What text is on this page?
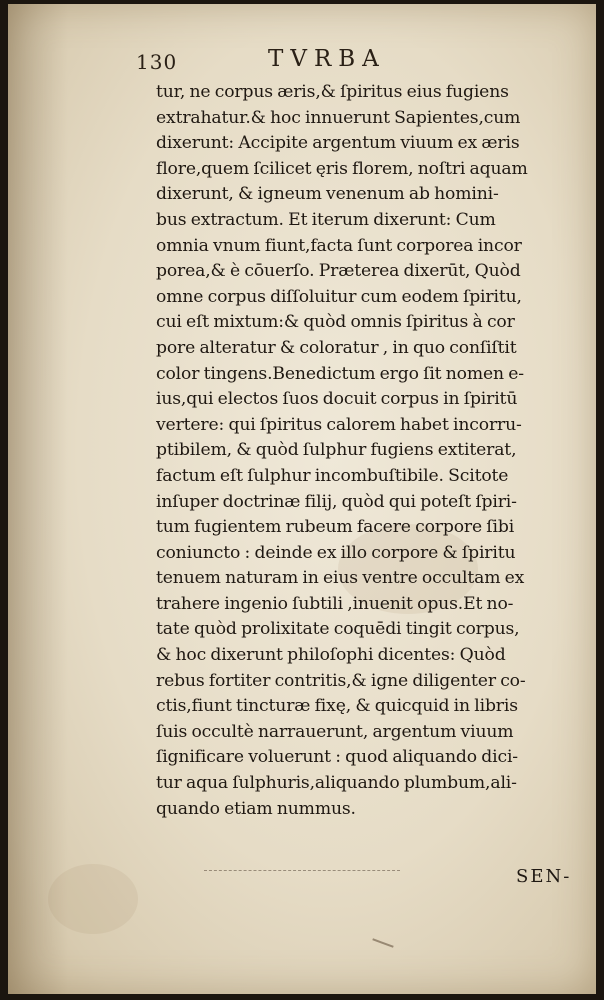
130	TVRBA
tur, ne corpus æris,& ſpiritus eius fugiens
extrahatur.& hoc innuerunt Sapientes,cum
dixerunt: Accipite argentum viuum ex æris
flore,quem ſcilicet ęris florem, noſtri aquam
dixerunt, & igneum venenum ab homini-
bus extractum. Et iterum dixerunt: Cum
omnia vnum fiunt,facta ſunt corporea incor
porea,& è cōuerſo. Præterea dixerūt, Quòd
omne corpus diſſoluitur cum eodem ſpiritu,
cui eſt mixtum:& quòd omnis ſpiritus à cor
pore alteratur & coloratur , in quo conſiſtit
color tingens.Benedictum ergo ſit nomen e-
ius,qui electos ſuos docuit corpus in ſpiritū
vertere: qui ſpiritus calorem habet incorru-
ptibilem, & quòd ſulphur fugiens extiterat,
factum eſt ſulphur incombuſtibile. Scitote
inſuper doctrinæ filij, quòd qui poteſt ſpiri-
tum fugientem rubeum facere corpore ſibi
coniuncto : deinde ex illo corpore & ſpiritu
tenuem naturam in eius ventre occultam ex
trahere ingenio ſubtili ,inuenit opus.Et no-
tate quòd prolixitate coquēdi tingit corpus,
& hoc dixerunt philoſophi dicentes: Quòd
rebus fortiter contritis,& igne diligenter co-
ctis,fiunt tincturæ fixę, & quicquid in libris
ſuis occultè narrauerunt, argentum viuum
ſignificare voluerunt : quod aliquando dici-
tur aqua ſulphuris,aliquando plumbum,ali-
quando etiam nummus.
SEN-
